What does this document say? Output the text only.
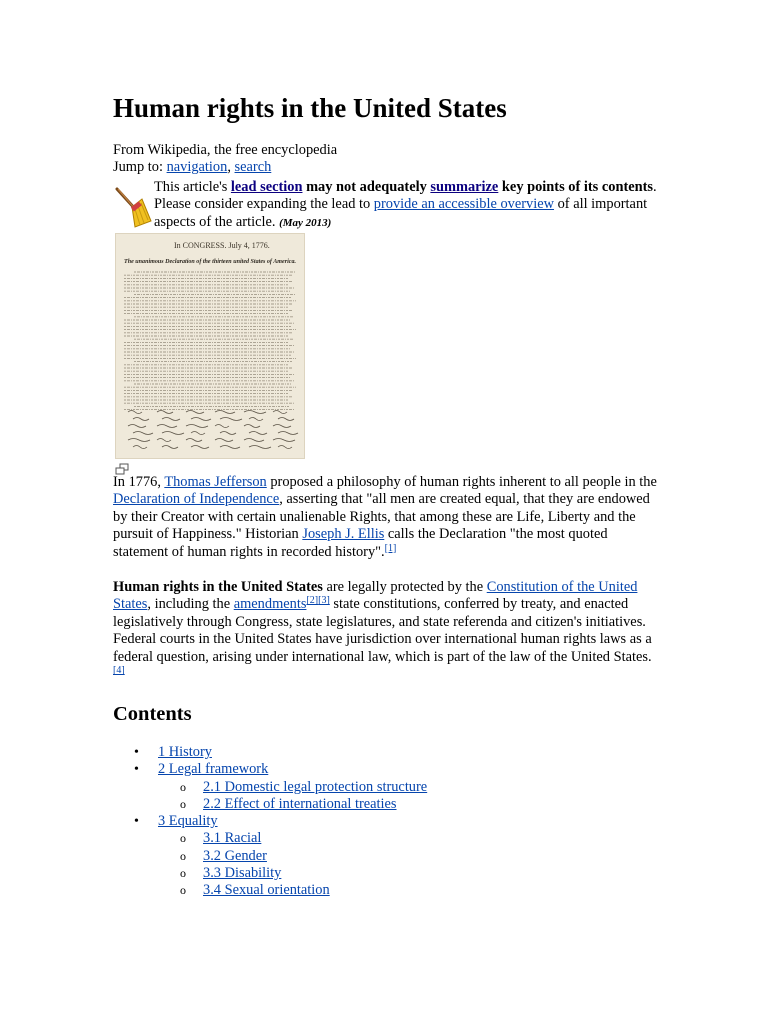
Human rights in the United States
From Wikipedia, the free encyclopedia
Jump to: navigation, search
This article's lead section may not adequately summarize key points of its contents. Please consider expanding the lead to provide an accessible overview of all important aspects of the article. (May 2013)
In CONGRESS. July 4, 1776.
The unanimous Declaration of the thirteen united States of America.

In 1776, Thomas Jefferson proposed a philosophy of human rights inherent to all people in the Declaration of Independence, asserting that "all men are created equal, that they are endowed by their Creator with certain unalienable Rights, that among these are Life, Liberty and the pursuit of Happiness." Historian Joseph J. Ellis calls the Declaration "the most quoted statement of human rights in recorded history".[1]

Human rights in the United States are legally protected by the Constitution of the United States, including the amendments[2][3] state constitutions, conferred by treaty, and enacted legislatively through Congress, state legislatures, and state referenda and citizen's initiatives. Federal courts in the United States have jurisdiction over international human rights laws as a federal question, arising under international law, which is part of the law of the United States.[4]

Contents
• 1 History
• 2 Legal framework
o 2.1 Domestic legal protection structure
o 2.2 Effect of international treaties
• 3 Equality
o 3.1 Racial
o 3.2 Gender
o 3.3 Disability
o 3.4 Sexual orientation
